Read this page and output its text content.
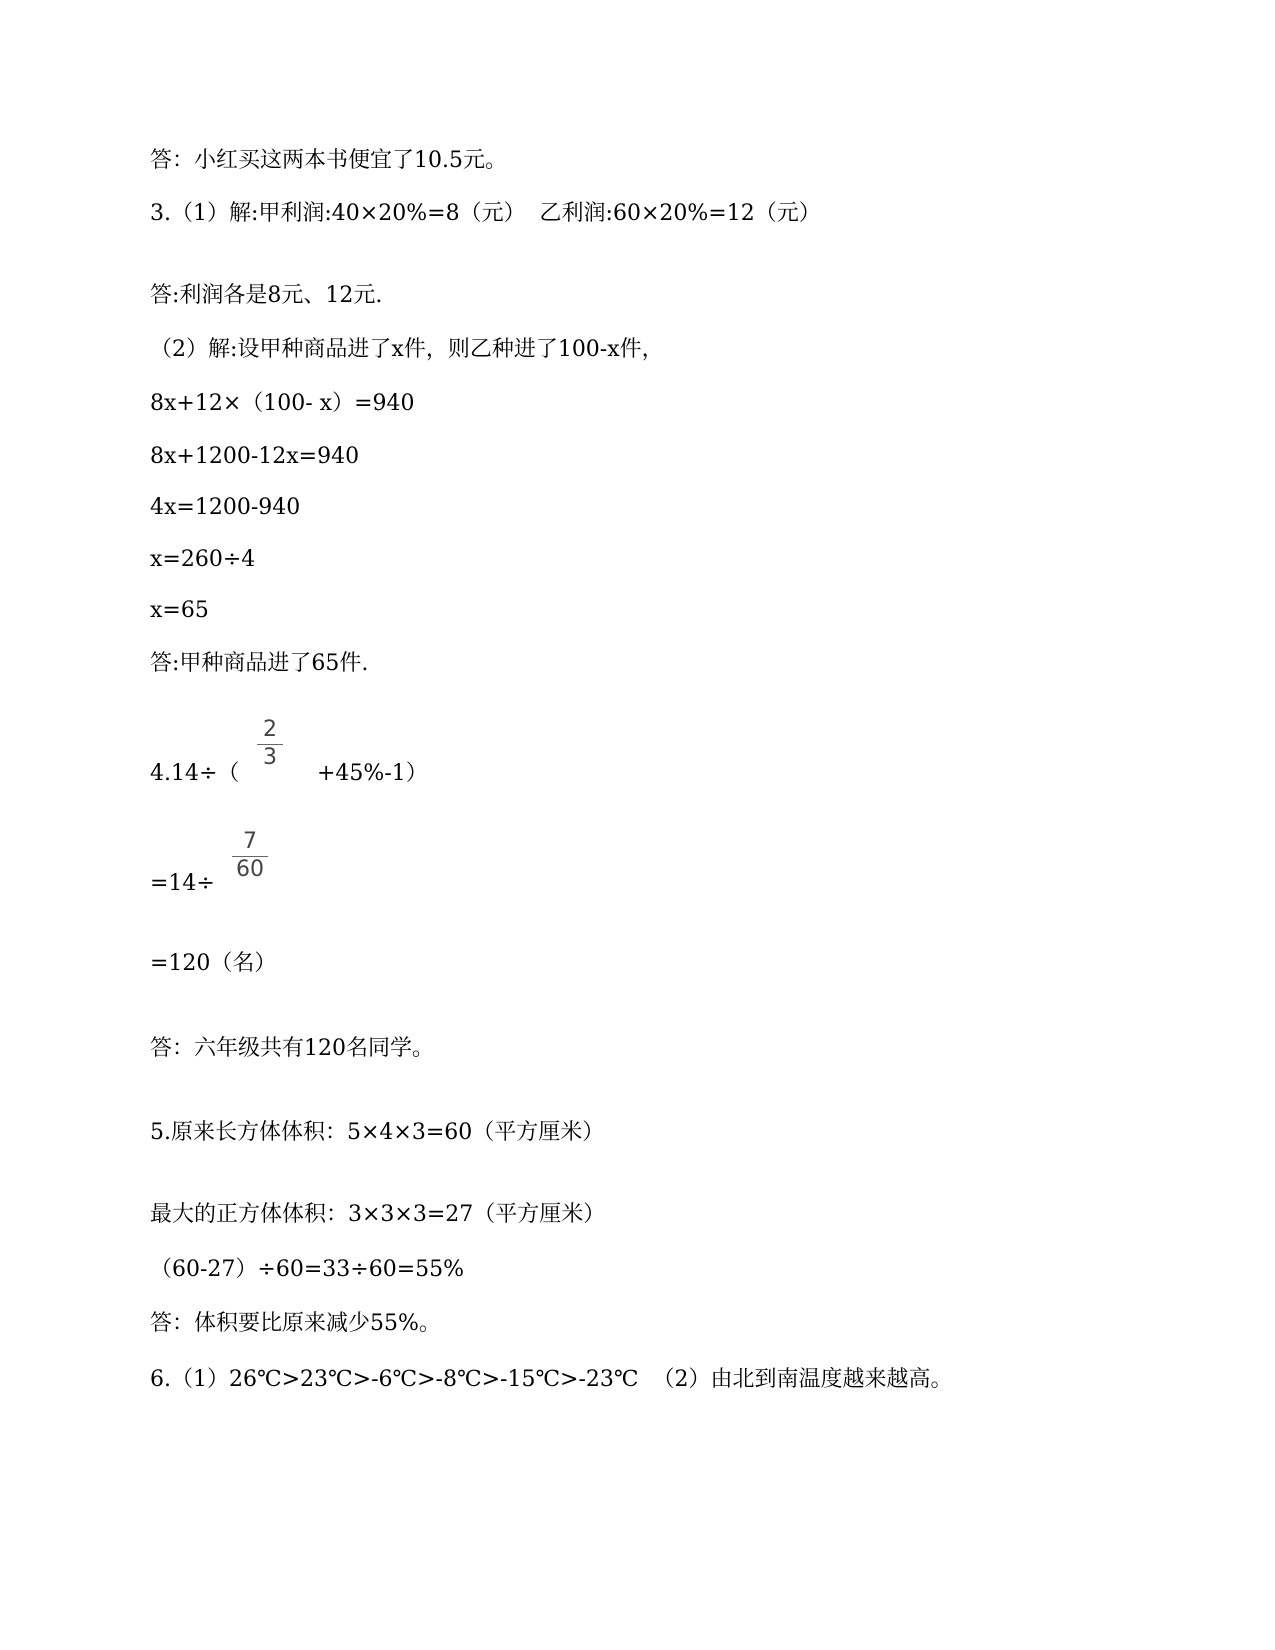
答：小红买这两本书便宜了10.5元。
3.（1）解:甲利润:40×20%=8（元）  乙利润:60×20%=12（元）
答:利润各是8元、12元.
（2）解:设甲种商品进了x件，则乙种进了100-x件，
8x+12×（100- x）=940
8x+1200-12x=940
4x=1200-940
x=260÷4
x=65
答:甲种商品进了65件.
4.14÷（
2
3
+45%-1）
=14÷
7
60
=120（名）
答：六年级共有120名同学。
5.原来长方体体积：5×4×3=60（平方厘米）
最大的正方体体积：3×3×3=27（平方厘米）
（60-27）÷60=33÷60=55%
答：体积要比原来减少55%。
6.（1）26℃>23℃>-6℃>-8℃>-15℃>-23℃  （2）由北到南温度越来越高。
